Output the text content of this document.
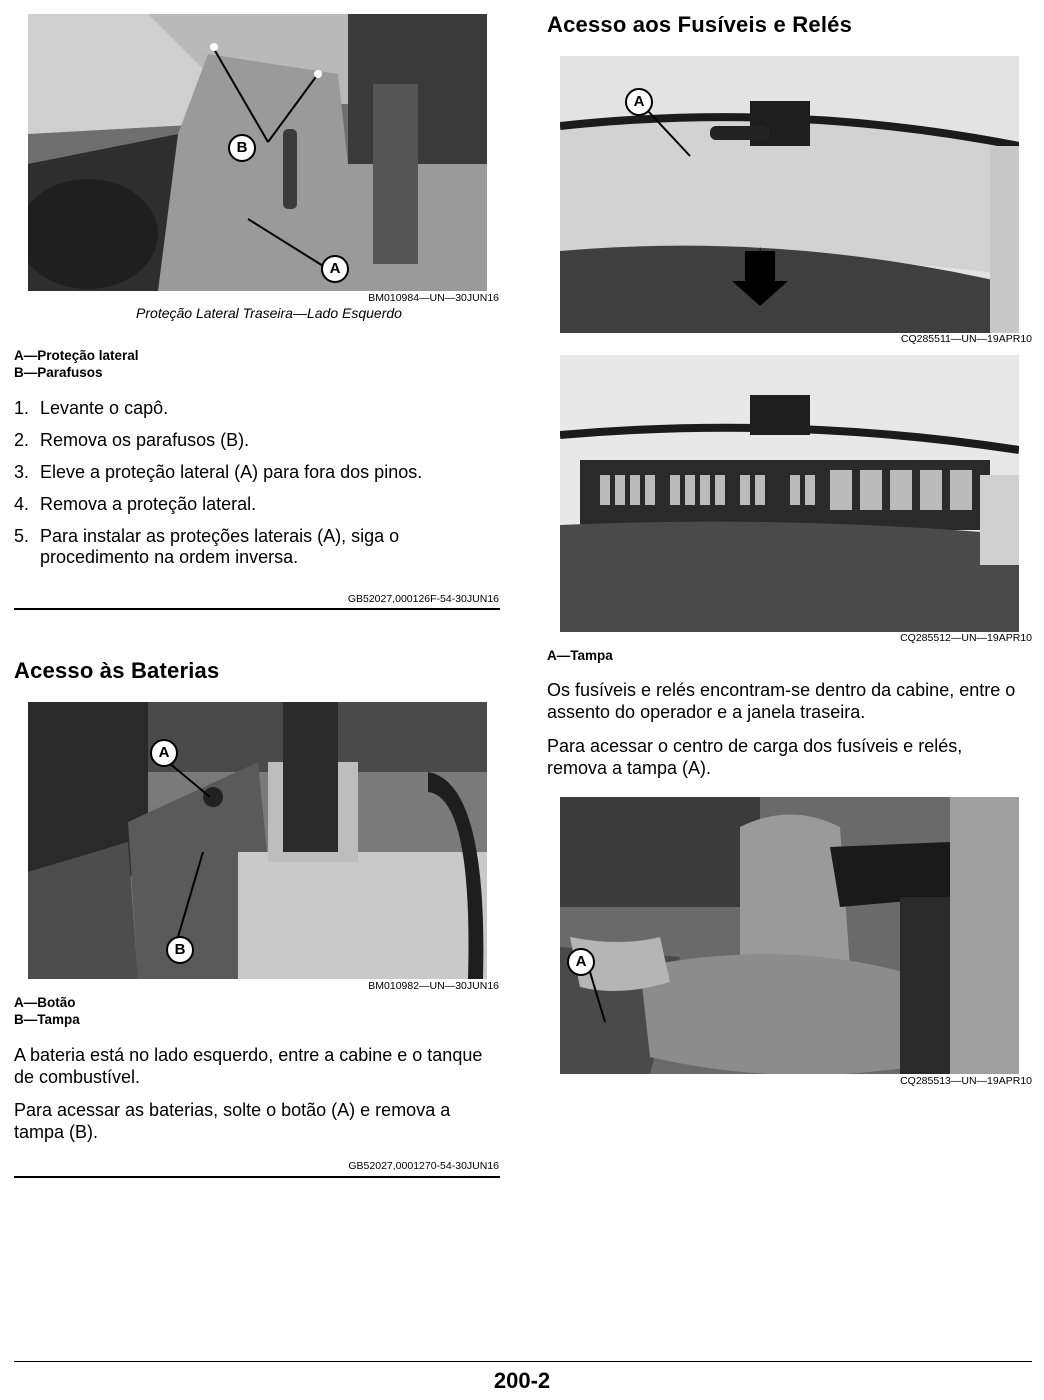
B
A
BM010984—UN—30JUN16
Proteção Lateral Traseira—Lado Esquerdo
A—Proteção lateral
B—Parafusos
1. Levante o capô.
2. Remova os parafusos (B).
3. Eleve a proteção lateral (A) para fora dos pinos.
4. Remova a proteção lateral.
5. Para instalar as proteções laterais (A), siga o procedimento na ordem inversa.
GB52027,000126F-54-30JUN16
Acesso às Baterias
A
B
BM010982—UN—30JUN16
A—Botão
B—Tampa

A bateria está no lado esquerdo, entre a cabine e o tanque de combustível.

Para acessar as baterias, solte o botão (A) e remova a tampa (B).

GB52027,0001270-54-30JUN16
Acesso aos Fusíveis e Relés
A
CQ285511—UN—19APR10
CQ285512—UN—19APR10
A—Tampa

Os fusíveis e relés encontram-se dentro da cabine, entre o assento do operador e a janela traseira.

Para acessar o centro de carga dos fusíveis e relés, remova a tampa (A).

A
CQ285513—UN—19APR10
200-2
